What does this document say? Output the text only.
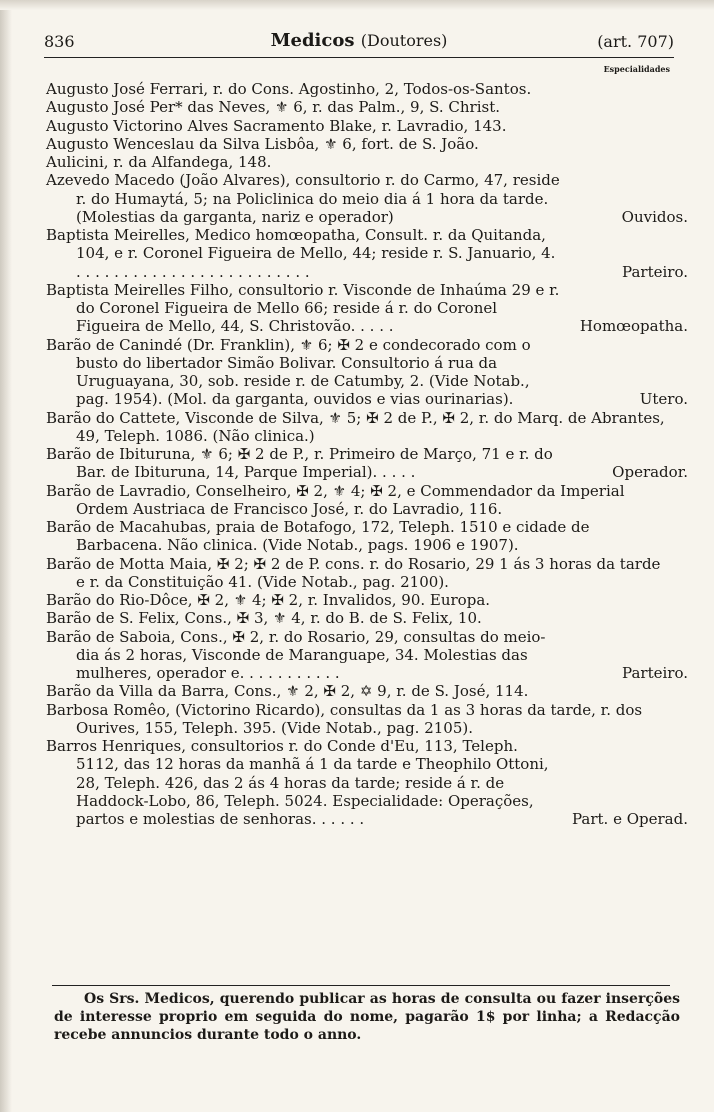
836	Medicos (Doutores)	(art. 707)
Especialidades
Augusto José Ferrari, r. do Cons. Agostinho, 2, Todos-os-Santos.
Augusto José Per* das Neves, ⚜ 6, r. das Palm., 9, S. Christ.
Augusto Victorino Alves Sacramento Blake, r. Lavradio, 143.
Augusto Wenceslau da Silva Lisbôa, ⚜ 6, fort. de S. João.
Aulicini, r. da Alfandega, 148.
Azevedo Macedo (João Alvares), consultorio r. do Carmo, 47, reside r. do Humaytá, 5; na Policlinica do meio dia á 1 hora da tarde. (Molestias da garganta, nariz e operador)	Ouvidos.
Baptista Meirelles, Medico homœopatha, Consult. r. da Quitanda, 104, e r. Coronel Figueira de Mello, 44; reside r. S. Januario, 4. . . . . . . . . . . . . . . . . . . . . . . . . .	Parteiro.
Baptista Meirelles Filho, consultorio r. Visconde de Inhaúma 29 e r. do Coronel Figueira de Mello 66; reside á r. do Coronel Figueira de Mello, 44, S. Christovão. . . . .	Homœopatha.
Barão de Canindé (Dr. Franklin), ⚜ 6; ✠ 2 e condecorado com o busto do libertador Simão Bolivar. Consultorio á rua da Uruguayana, 30, sob. reside r. de Catumby, 2. (Vide Notab., pag. 1954). (Mol. da garganta, ouvidos e vias ourinarias).	Utero.
Barão do Cattete, Visconde de Silva, ⚜ 5; ✠ 2 de P., ✠ 2, r. do Marq. de Abrantes, 49, Teleph. 1086. (Não clinica.)
Barão de Ibituruna, ⚜ 6; ✠ 2 de P., r. Primeiro de Março, 71 e r. do Bar. de Ibituruna, 14, Parque Imperial). . . . .	Operador.
Barão de Lavradio, Conselheiro, ✠ 2, ⚜ 4; ✠ 2, e Commendador da Imperial Ordem Austriaca de Francisco José, r. do Lavradio, 116.
Barão de Macahubas, praia de Botafogo, 172, Teleph. 1510 e cidade de Barbacena. Não clinica. (Vide Notab., pags. 1906 e 1907).
Barão de Motta Maia, ✠ 2; ✠ 2 de P. cons. r. do Rosario, 29 1 ás 3 horas da tarde e r. da Constituição 41. (Vide Notab., pag. 2100).
Barão do Rio-Dôce, ✠ 2, ⚜ 4; ✠ 2, r. Invalidos, 90. Europa.
Barão de S. Felix, Cons., ✠ 3, ⚜ 4, r. do B. de S. Felix, 10.
Barão de Saboia, Cons., ✠ 2, r. do Rosario, 29, consultas do meio-dia ás 2 horas, Visconde de Maranguape, 34. Molestias das mulheres, operador e. . . . . . . . . . .	Parteiro.
Barão da Villa da Barra, Cons., ⚜ 2, ✠ 2, ✡ 9, r. de S. José, 114.
Barbosa Romêo, (Victorino Ricardo), consultas da 1 as 3 horas da tarde, r. dos Ourives, 155, Teleph. 395. (Vide Notab., pag. 2105).
Barros Henriques, consultorios r. do Conde d'Eu, 113, Teleph. 5112, das 12 horas da manhã á 1 da tarde e Theophilo Ottoni, 28, Teleph. 426, das 2 ás 4 horas da tarde; reside á r. de Haddock-Lobo, 86, Teleph. 5024. Especialidade: Operações, partos e molestias de senhoras. . . . . .	Part. e Operad.
Os Srs. Medicos, querendo publicar as horas de consulta ou fazer inserções de interesse proprio em seguida do nome, pagarão 1$ por linha; a Redacção recebe annuncios durante todo o anno.
